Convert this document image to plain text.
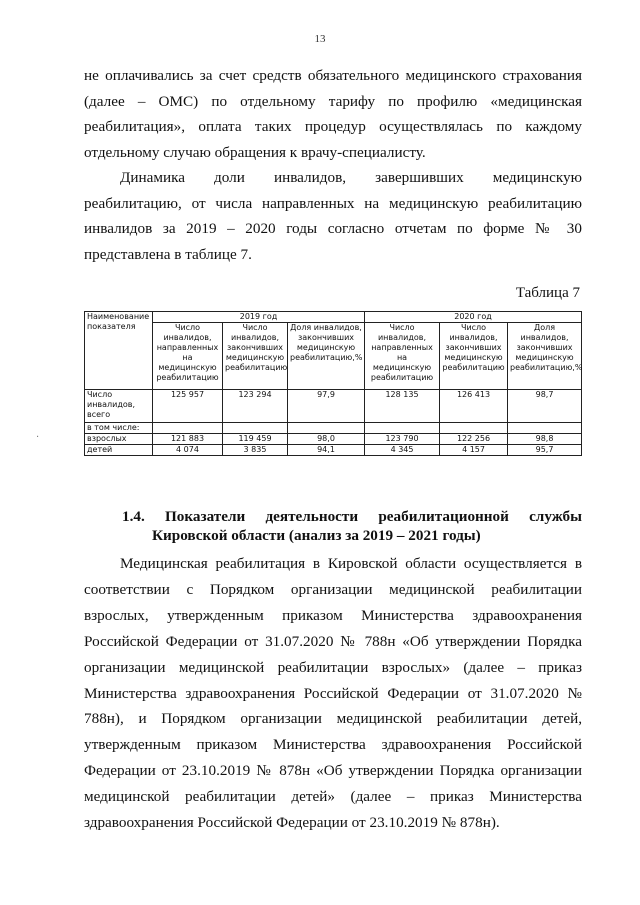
13

не оплачивались за счет средств обязательного медицинского страхования (далее – ОМС) по отдельному тарифу по профилю «медицинская реабилитация», оплата таких процедур осуществлялась по каждому отдельному случаю обращения к врачу-специалисту.

Динамика доли инвалидов, завершивших медицинскую реабилитацию, от числа направленных на медицинскую реабилитацию инвалидов за 2019 – 2020 годы согласно отчетам по форме № 30 представлена в таблице 7.

Таблица 7
Наименование показателя	2019 год			2020 год		
	Число инвалидов, направленных на медицинскую реабилитацию	Число инвалидов, закончивших медицинскую реабилитацию	Доля инвалидов, закончивших медицинскую реабилитацию,%	Число инвалидов, направленных на медицинскую реабилитацию	Число инвалидов, закончивших медицинскую реабилитацию	Доля инвалидов, закончивших медицинскую реабилитацию,%
Число инвалидов, всего	125 957	123 294	97,9	128 135	126 413	98,7
в том числе:						
взрослых	121 883	119 459	98,0	123 790	122 256	98,8
детей	4 074	3 835	94,1	4 345	4 157	95,7
·
1.4. Показатели деятельности реабилитационной службы
Кировской области (анализ за 2019 – 2021 годы)

Медицинская реабилитация в Кировской области осуществляется в соответствии с Порядком организации медицинской реабилитации взрослых, утвержденным приказом Министерства здравоохранения Российской Федерации от 31.07.2020 № 788н «Об утверждении Порядка организации медицинской реабилитации взрослых» (далее – приказ Министерства здравоохранения Российской Федерации от 31.07.2020 № 788н), и Порядком организации медицинской реабилитации детей, утвержденным приказом Министерства здравоохранения Российской Федерации от 23.10.2019 № 878н «Об утверждении Порядка организации медицинской реабилитации детей» (далее – приказ Министерства здравоохранения Российской Федерации от 23.10.2019 № 878н).
